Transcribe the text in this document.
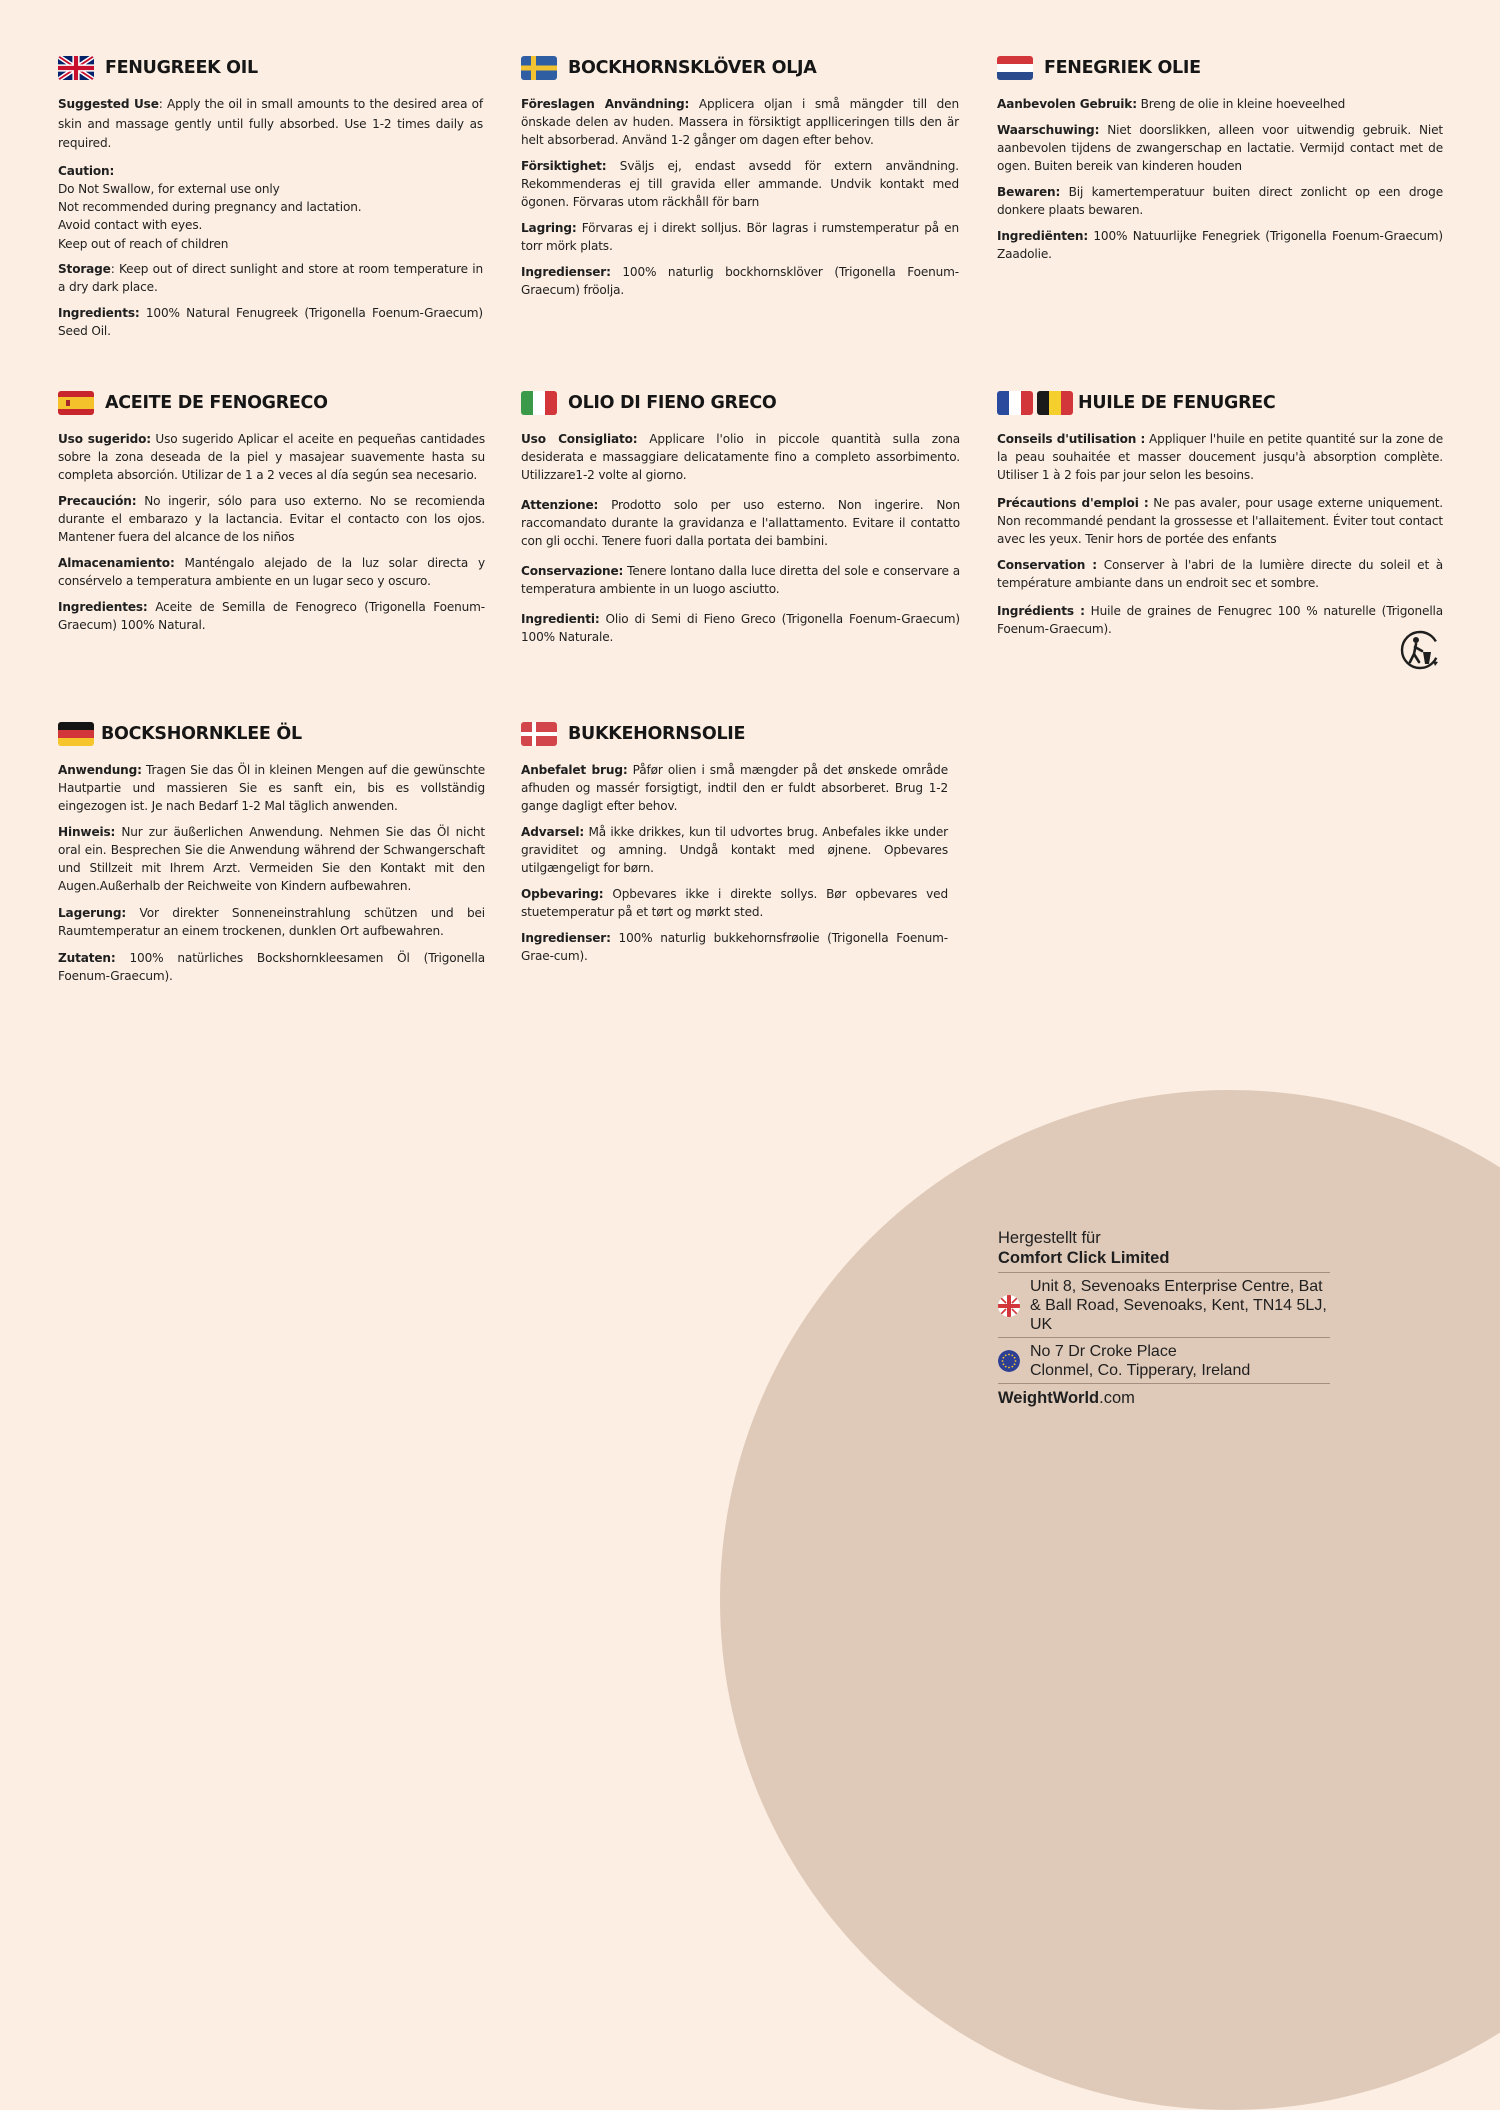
FENUGREEK OIL

Suggested Use: Apply the oil in small amounts to the desired area of skin and massage gently until fully absorbed. Use 1-2 times daily as required.

Caution:
Do Not Swallow, for external use only
Not recommended during pregnancy and lactation.
Avoid contact with eyes.
Keep out of reach of children

Storage: Keep out of direct sunlight and store at room temperature in a dry dark place.

Ingredients: 100% Natural Fenugreek (Trigonella Foenum-Graecum) Seed Oil.

BOCKHORNSKLÖVER OLJA

Föreslagen Användning: Applicera oljan i små mängder till den önskade delen av huden. Massera in försiktigt applliceringen tills den är helt absorberad. Använd 1-2 gånger om dagen efter behov.

Försiktighet: Sväljs ej, endast avsedd för extern användning. Rekommenderas ej till gravida eller ammande. Undvik kontakt med ögonen. Förvaras utom räckhåll för barn

Lagring: Förvaras ej i direkt solljus. Bör lagras i rumstemperatur på en torr mörk plats.

Ingredienser: 100% naturlig bockhornsklöver (Trigonella Foenum-Graecum) fröolja.

FENEGRIEK OLIE

Aanbevolen Gebruik: Breng de olie in kleine hoeveelhed

Waarschuwing: Niet doorslikken, alleen voor uitwendig gebruik. Niet aanbevolen tijdens de zwangerschap en lactatie. Vermijd contact met de ogen. Buiten bereik van kinderen houden

Bewaren: Bij kamertemperatuur buiten direct zonlicht op een droge donkere plaats bewaren.

Ingrediënten: 100% Natuurlijke Fenegriek (Trigonella Foenum-Graecum) Zaadolie.

ACEITE DE FENOGRECO

Uso sugerido: Uso sugerido Aplicar el aceite en pequeñas cantidades sobre la zona deseada de la piel y masajear suavemente hasta su completa absorción. Utilizar de 1 a 2 veces al día según sea necesario.

Precaución: No ingerir, sólo para uso externo. No se recomienda durante el embarazo y la lactancia. Evitar el contacto con los ojos. Mantener fuera del alcance de los niños

Almacenamiento: Manténgalo alejado de la luz solar directa y consérvelo a temperatura ambiente en un lugar seco y oscuro.

Ingredientes: Aceite de Semilla de Fenogreco (Trigonella Foenum-Graecum) 100% Natural.

OLIO DI FIENO GRECO

Uso Consigliato: Applicare l'olio in piccole quantità sulla zona desiderata e massaggiare delicatamente fino a completo assorbimento. Utilizzare1-2 volte al giorno.

Attenzione: Prodotto solo per uso esterno. Non ingerire. Non raccomandato durante la gravidanza e l'allattamento. Evitare il contatto con gli occhi. Tenere fuori dalla portata dei bambini.

Conservazione: Tenere lontano dalla luce diretta del sole e conservare a temperatura ambiente in un luogo asciutto.

Ingredienti: Olio di Semi di Fieno Greco (Trigonella Foenum-Graecum) 100% Naturale.

HUILE DE FENUGREC

Conseils d'utilisation : Appliquer l'huile en petite quantité sur la zone de la peau souhaitée et masser doucement jusqu'à absorption complète. Utiliser 1 à 2 fois par jour selon les besoins.

Précautions d'emploi : Ne pas avaler, pour usage externe uniquement. Non recommandé pendant la grossesse et l'allaitement. Éviter tout contact avec les yeux. Tenir hors de portée des enfants

Conservation : Conserver à l'abri de la lumière directe du soleil et à température ambiante dans un endroit sec et sombre.

Ingrédients : Huile de graines de Fenugrec 100 % naturelle (Trigonella Foenum-Graecum).

BOCKSHORNKLEE ÖL

Anwendung: Tragen Sie das Öl in kleinen Mengen auf die gewünschte Hautpartie und massieren Sie es sanft ein, bis es vollständig eingezogen ist. Je nach Bedarf 1-2 Mal täglich anwenden.

Hinweis: Nur zur äußerlichen Anwendung. Nehmen Sie das Öl nicht oral ein. Besprechen Sie die Anwendung während der Schwangerschaft und Stillzeit mit Ihrem Arzt. Vermeiden Sie den Kontakt mit den Augen.Außerhalb der Reichweite von Kindern aufbewahren.

Lagerung: Vor direkter Sonneneinstrahlung schützen und bei Raumtemperatur an einem trockenen, dunklen Ort aufbewahren.

Zutaten: 100% natürliches Bockshornkleesamen Öl (Trigonella Foenum-Graecum).

BUKKEHORNSOLIE

Anbefalet brug: Påfør olien i små mængder på det ønskede område afhuden og massér forsigtigt, indtil den er fuldt absorberet. Brug 1-2 gange dagligt efter behov.

Advarsel: Må ikke drikkes, kun til udvortes brug. Anbefales ikke under graviditet og amning. Undgå kontakt med øjnene. Opbevares utilgængeligt for børn.

Opbevaring: Opbevares ikke i direkte sollys. Bør opbevares ved stuetemperatur på et tørt og mørkt sted.

Ingredienser: 100% naturlig bukkehornsfrøolie (Trigonella Foenum-Grae-cum).

Hergestellt für
Comfort Click Limited
Unit 8, Sevenoaks Enterprise Centre, Bat & Ball Road, Sevenoaks, Kent, TN14 5LJ, UK
No 7 Dr Croke Place
Clonmel, Co. Tipperary, Ireland
WeightWorld.com
